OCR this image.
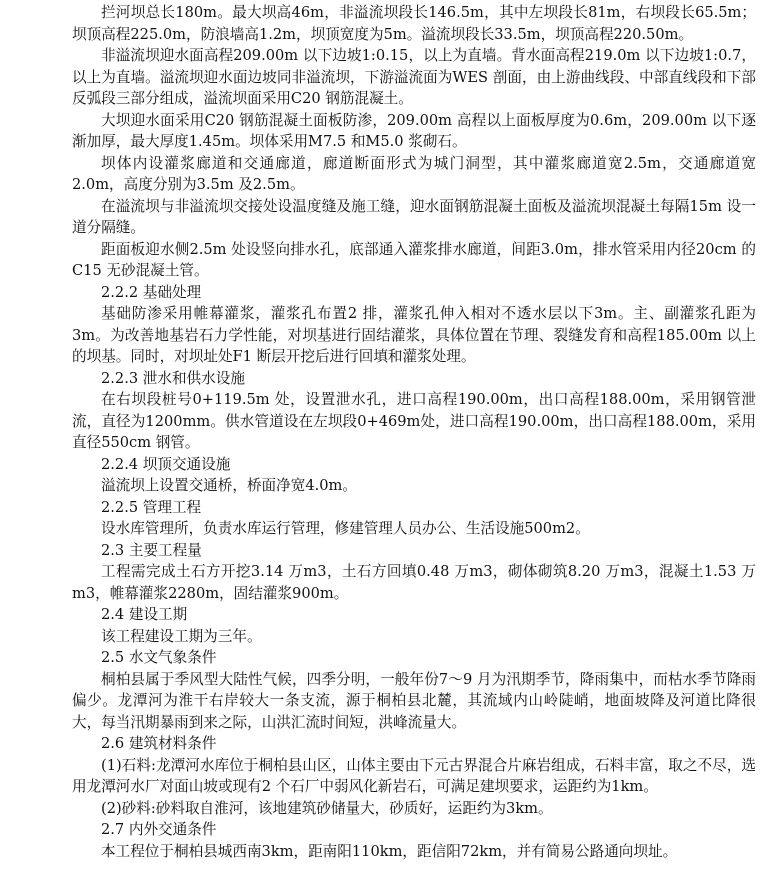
拦河坝总长180m。最大坝高46m，非溢流坝段长146.5m，其中左坝段长81m，右坝段长65.5m；坝顶高程225.0m，防浪墙高1.2m，坝顶宽度为5m。溢流坝段长33.5m，坝顶高程220.50m。

非溢流坝迎水面高程209.00m 以下边坡1:0.15，以上为直墙。背水面高程219.0m 以下边坡1:0.7，以上为直墙。溢流坝迎水面边坡同非溢流坝，下游溢流面为WES 剖面，由上游曲线段、中部直线段和下部反弧段三部分组成，溢流坝面采用C20 钢筋混凝土。

大坝迎水面采用C20 钢筋混凝土面板防渗，209.00m 高程以上面板厚度为0.6m，209.00m 以下逐渐加厚，最大厚度1.45m。坝体采用M7.5 和M5.0 浆砌石。

坝体内设灌浆廊道和交通廊道，廊道断面形式为城门洞型，其中灌浆廊道宽2.5m，交通廊道宽2.0m，高度分别为3.5m 及2.5m。

在溢流坝与非溢流坝交接处设温度缝及施工缝，迎水面钢筋混凝土面板及溢流坝混凝土每隔15m 设一道分隔缝。

距面板迎水侧2.5m 处设竖向排水孔，底部通入灌浆排水廊道，间距3.0m，排水管采用内径20cm 的C15 无砂混凝土管。

2.2.2 基础处理

基础防渗采用帷幕灌浆，灌浆孔布置2 排，灌浆孔伸入相对不透水层以下3m。主、副灌浆孔距为3m。为改善地基岩石力学性能，对坝基进行固结灌浆，具体位置在节理、裂缝发育和高程185.00m 以上的坝基。同时，对坝址处F1 断层开挖后进行回填和灌浆处理。

2.2.3 泄水和供水设施

在右坝段桩号0+119.5m 处，设置泄水孔，进口高程190.00m，出口高程188.00m，采用钢管泄流，直径为1200mm。供水管道设在左坝段0+469m处，进口高程190.00m，出口高程188.00m，采用直径550cm 钢管。

2.2.4 坝顶交通设施

溢流坝上设置交通桥，桥面净宽4.0m。

2.2.5 管理工程

设水库管理所，负责水库运行管理，修建管理人员办公、生活设施500m2。

2.3 主要工程量

工程需完成土石方开挖3.14 万m3，土石方回填0.48 万m3，砌体砌筑8.20 万m3，混凝土1.53 万m3，帷幕灌浆2280m，固结灌浆900m。

2.4 建设工期

该工程建设工期为三年。

2.5 水文气象条件

桐柏县属于季风型大陆性气候，四季分明，一般年份7～9 月为汛期季节，降雨集中，而枯水季节降雨偏少。龙潭河为淮干右岸较大一条支流，源于桐柏县北麓，其流域内山岭陡峭，地面坡降及河道比降很大，每当汛期暴雨到来之际，山洪汇流时间短，洪峰流量大。

2.6 建筑材料条件

(1)石料:龙潭河水库位于桐柏县山区，山体主要由下元古界混合片麻岩组成，石料丰富，取之不尽，选用龙潭河水厂对面山坡或现有2 个石厂中弱风化新岩石，可满足建坝要求，运距约为1km。

(2)砂料:砂料取自淮河，该地建筑砂储量大，砂质好，运距约为3km。

2.7 内外交通条件

本工程位于桐柏县城西南3km，距南阳110km，距信阳72km，并有简易公路通向坝址。
